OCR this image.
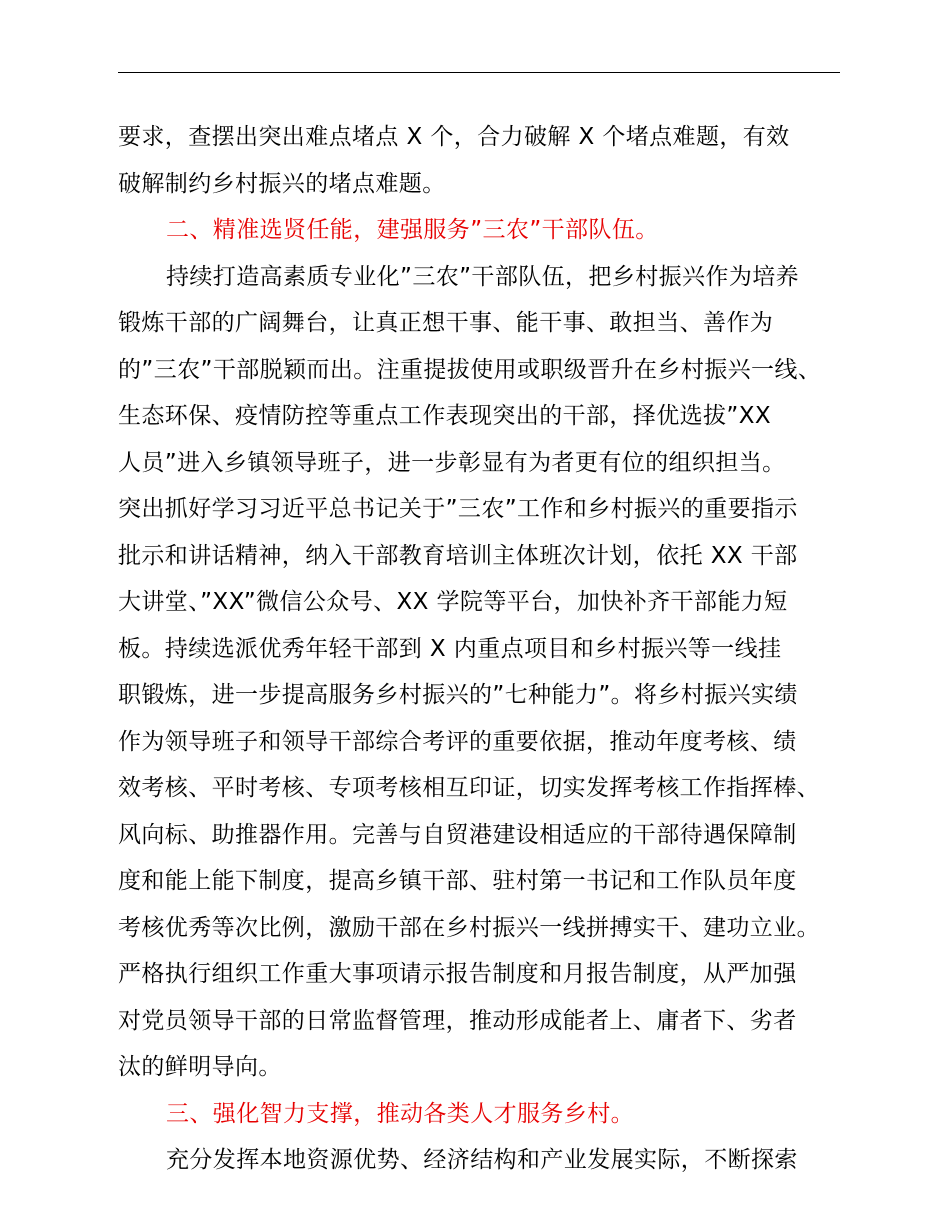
要求，查摆出突出难点堵点 X 个，合力破解 X 个堵点难题，有效
破解制约乡村振兴的堵点难题。
二、精准选贤任能，建强服务”三农”干部队伍。
持续打造高素质专业化”三农”干部队伍，把乡村振兴作为培养
锻炼干部的广阔舞台，让真正想干事、能干事、敢担当、善作为
的”三农”干部脱颖而出。注重提拔使用或职级晋升在乡村振兴一线、
生态环保、疫情防控等重点工作表现突出的干部，择优选拔”XX
人员”进入乡镇领导班子，进一步彰显有为者更有位的组织担当。
突出抓好学习习近平总书记关于”三农”工作和乡村振兴的重要指示
批示和讲话精神，纳入干部教育培训主体班次计划，依托 XX 干部
大讲堂、”XX”微信公众号、XX 学院等平台，加快补齐干部能力短
板。持续选派优秀年轻干部到 X 内重点项目和乡村振兴等一线挂
职锻炼，进一步提高服务乡村振兴的”七种能力”。将乡村振兴实绩
作为领导班子和领导干部综合考评的重要依据，推动年度考核、绩
效考核、平时考核、专项考核相互印证，切实发挥考核工作指挥棒、
风向标、助推器作用。完善与自贸港建设相适应的干部待遇保障制
度和能上能下制度，提高乡镇干部、驻村第一书记和工作队员年度
考核优秀等次比例，激励干部在乡村振兴一线拼搏实干、建功立业。
严格执行组织工作重大事项请示报告制度和月报告制度，从严加强
对党员领导干部的日常监督管理，推动形成能者上、庸者下、劣者
汰的鲜明导向。
三、强化智力支撑，推动各类人才服务乡村。
充分发挥本地资源优势、经济结构和产业发展实际，不断探索
